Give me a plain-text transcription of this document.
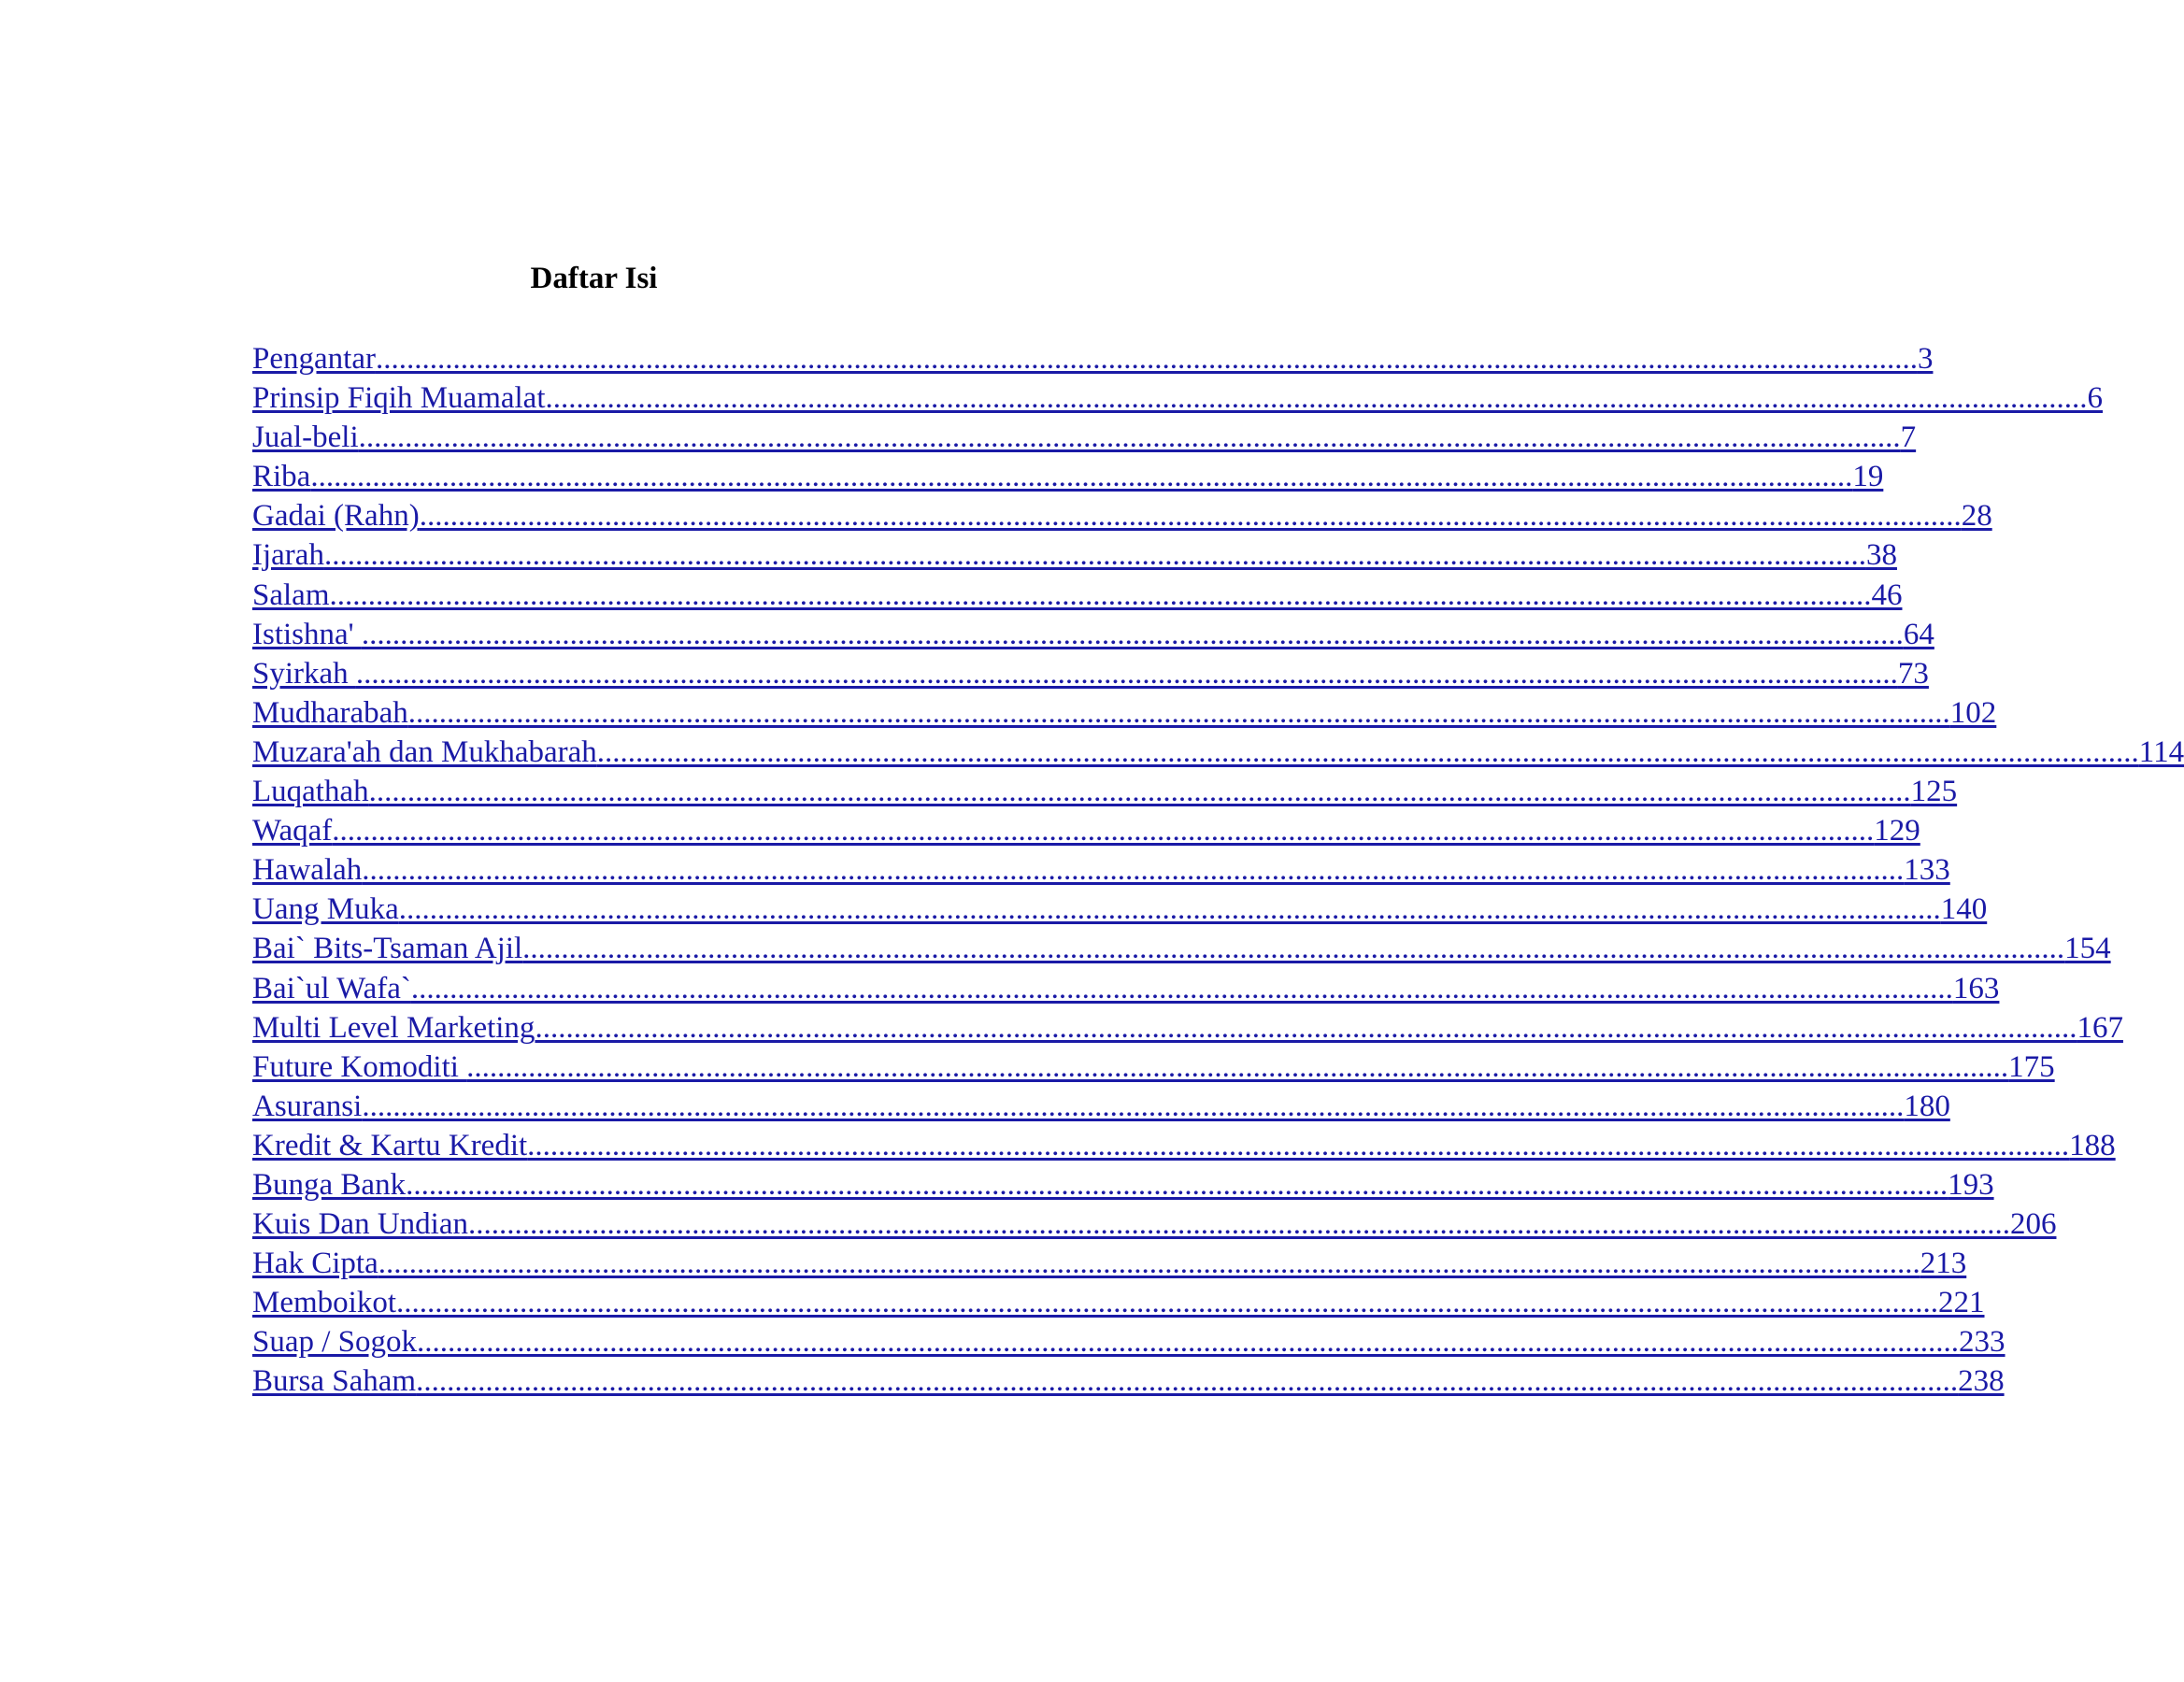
Daftar Isi
Pengantar ........................................................................................................................................................................................................ 3
Prinsip Fiqih Muamalat ........................................................................................................................................................................................................ 6
Jual-beli ........................................................................................................................................................................................................ 7
Riba ........................................................................................................................................................................................................ 19
Gadai (Rahn) ........................................................................................................................................................................................................ 28
Ijarah ........................................................................................................................................................................................................ 38
Salam ........................................................................................................................................................................................................ 46
Istishna' ........................................................................................................................................................................................................ 64
Syirkah ........................................................................................................................................................................................................ 73
Mudharabah ........................................................................................................................................................................................................ 102
Muzara'ah dan Mukhabarah ........................................................................................................................................................................................................ 114
Luqathah ........................................................................................................................................................................................................ 125
Waqaf ........................................................................................................................................................................................................ 129
Hawalah ........................................................................................................................................................................................................ 133
Uang Muka ........................................................................................................................................................................................................ 140
Bai` Bits-Tsaman Ajil ........................................................................................................................................................................................................ 154
Bai`ul Wafa` ........................................................................................................................................................................................................ 163
Multi Level Marketing ........................................................................................................................................................................................................ 167
Future Komoditi ........................................................................................................................................................................................................ 175
Asuransi ........................................................................................................................................................................................................ 180
Kredit & Kartu Kredit ........................................................................................................................................................................................................ 188
Bunga Bank ........................................................................................................................................................................................................ 193
Kuis Dan Undian ........................................................................................................................................................................................................ 206
Hak Cipta ........................................................................................................................................................................................................ 213
Memboikot ........................................................................................................................................................................................................ 221
Suap / Sogok ........................................................................................................................................................................................................ 233
Bursa Saham ........................................................................................................................................................................................................ 238
